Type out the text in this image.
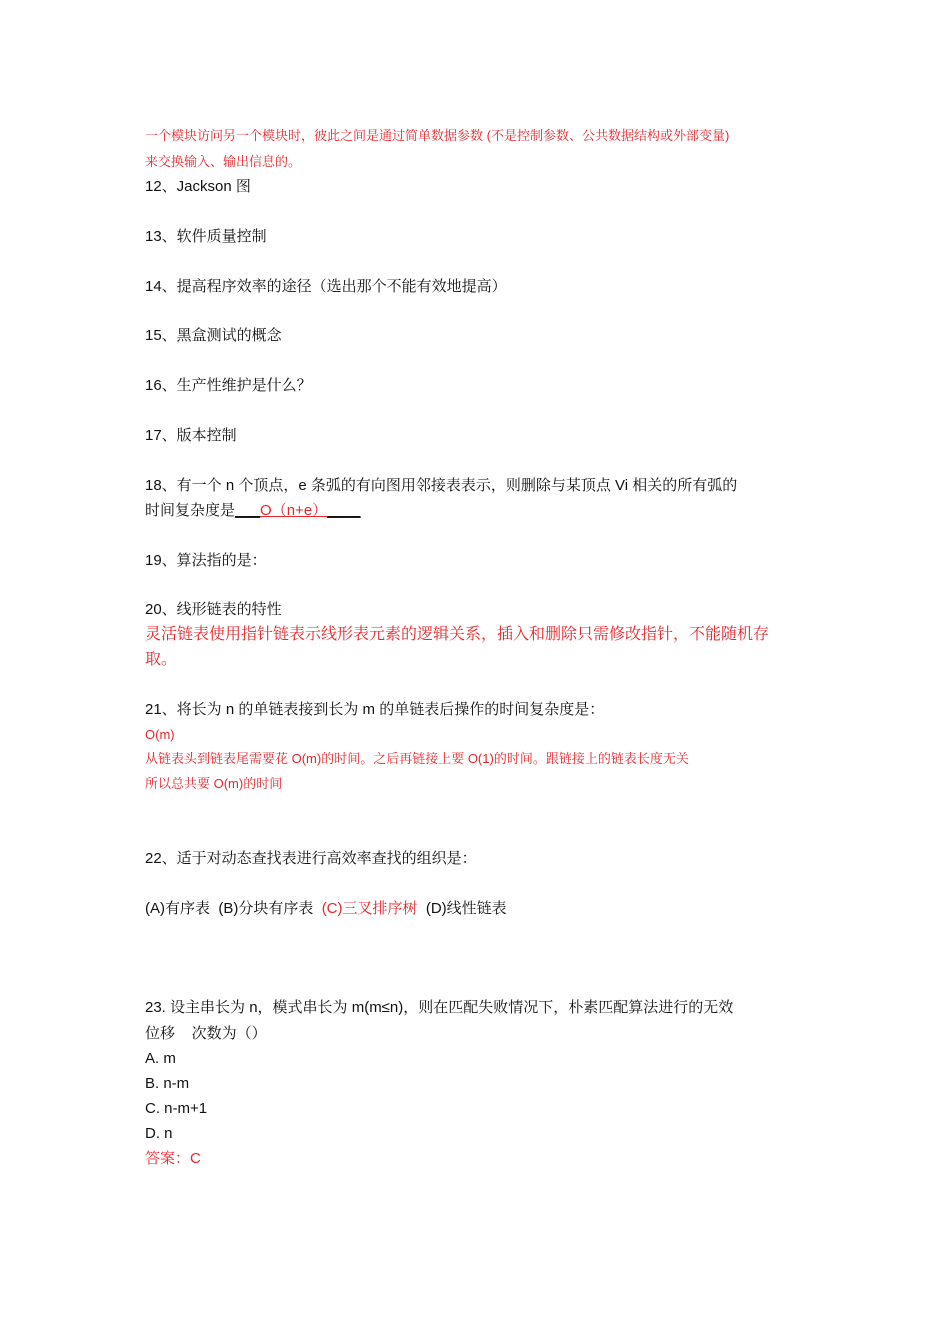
一个模块访问另一个模块时，彼此之间是通过简单数据参数 (不是控制参数、公共数据结构或外部变量)
来交换输入、输出信息的。
12、Jackson 图
13、软件质量控制
14、提高程序效率的途径（选出那个不能有效地提高）
15、黑盒测试的概念
16、生产性维护是什么？
17、版本控制
18、有一个 n 个顶点，e 条弧的有向图用邻接表表示，则删除与某顶点 Vi 相关的所有弧的
时间复杂度是___O（n+e）____
19、算法指的是：
20、线形链表的特性
灵活链表使用指针链表示线形表元素的逻辑关系，插入和删除只需修改指针，不能随机存
取。
21、将长为 n 的单链表接到长为 m 的单链表后操作的时间复杂度是：
O(m)
从链表头到链表尾需要花 O(m)的时间。之后再链接上要 O(1)的时间。跟链接上的链表长度无关
所以总共要 O(m)的时间
22、适于对动态查找表进行高效率查找的组织是：
(A)有序表 (B)分块有序表 (C)三叉排序树 (D)线性链表
23. 设主串长为 n，模式串长为 m(m≤n)，则在匹配失败情况下，朴素匹配算法进行的无效
位移    次数为（）
A. m
B. n-m
C. n-m+1
D. n
答案：C
